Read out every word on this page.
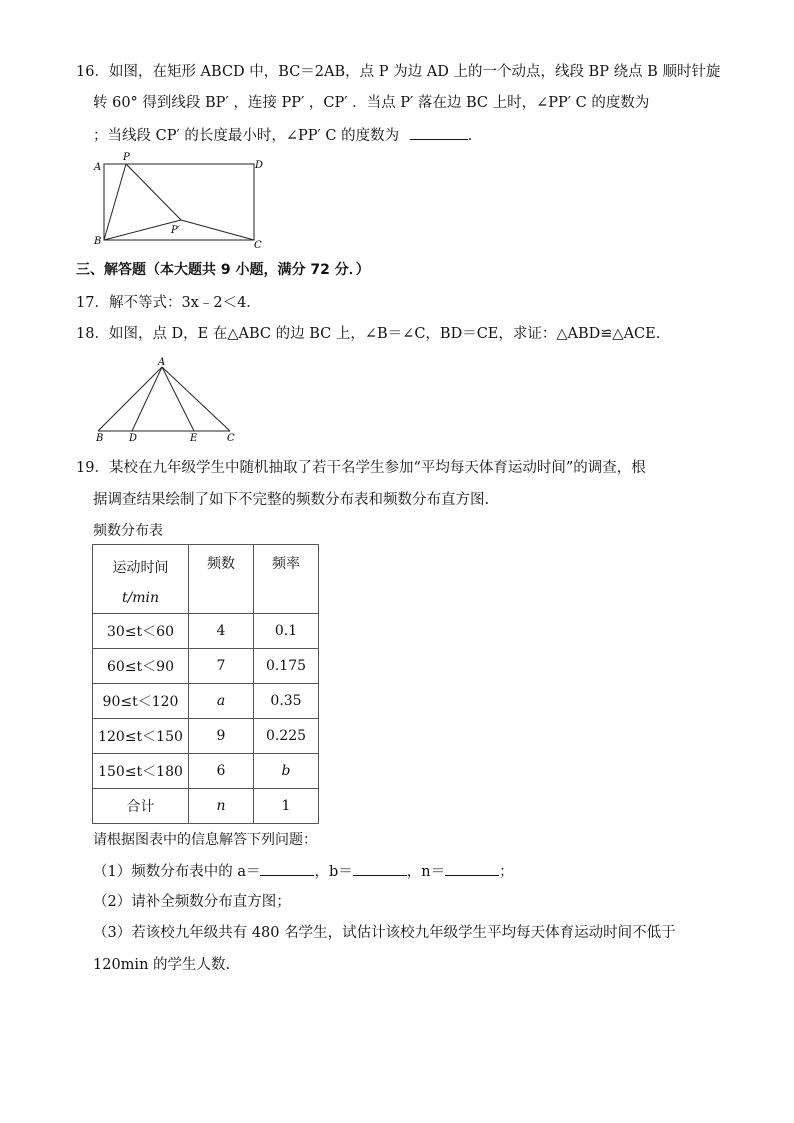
16．如图，在矩形 ABCD 中，BC＝2AB，点 P 为边 AD 上的一个动点，线段 BP 绕点 B 顺时针旋
转 60° 得到线段 BP′ ，连接 PP′ ，CP′ ．当点 P′ 落在边 BC 上时，∠PP′ C 的度数为
；当线段 CP′ 的长度最小时，∠PP′ C 的度数为	.
A
P
D
B
P′
C
三、解答题（本大题共 9 小题，满分 72 分．）
17．解不等式：3x﹣2＜4．
18．如图，点 D，E 在△ABC 的边 BC 上，∠B＝∠C，BD＝CE，求证：△ABD≌△ACE.
A
B	D	E	C
19．某校在九年级学生中随机抽取了若干名学生参加“平均每天体育运动时间”的调查，根
据调查结果绘制了如下不完整的频数分布表和频数分布直方图.
频数分布表
运动时间
t/min	频数	频率
30≤t＜60	4	0.1
60≤t＜90	7	0.175
90≤t＜120	a	0.35
120≤t＜150	9	0.225
150≤t＜180	6	b
合计	n	1
请根据图表中的信息解答下列问题：
（1）频数分布表中的 a＝	，b＝	，n＝	；
（2）请补全频数分布直方图；
（3）若该校九年级共有 480 名学生，试估计该校九年级学生平均每天体育运动时间不低于
120min 的学生人数.
